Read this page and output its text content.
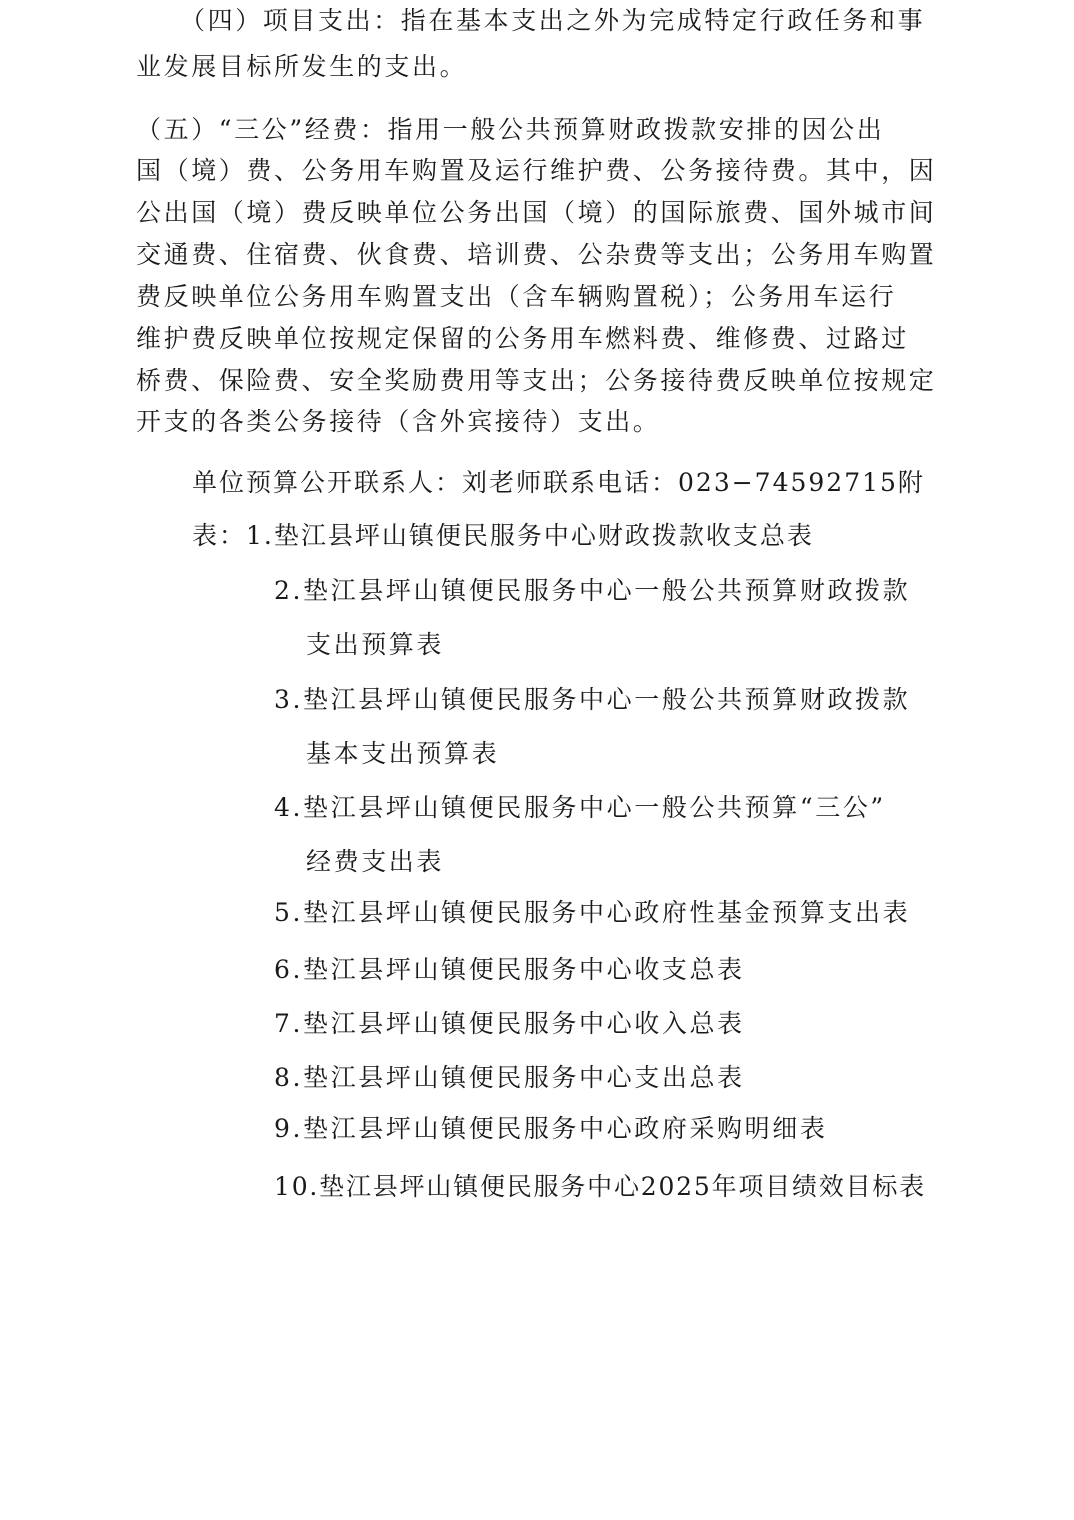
（四）项目支出：指在基本支出之外为完成特定行政任务和事
业发展目标所发生的支出。
（五）“三公”经费：指用一般公共预算财政拨款安排的因公出
国（境）费、公务用车购置及运行维护费、公务接待费。其中，因
公出国（境）费反映单位公务出国（境）的国际旅费、国外城市间
交通费、住宿费、伙食费、培训费、公杂费等支出；公务用车购置
费反映单位公务用车购置支出（含车辆购置税）；公务用车运行
维护费反映单位按规定保留的公务用车燃料费、维修费、过路过
桥费、保险费、安全奖励费用等支出；公务接待费反映单位按规定
开支的各类公务接待（含外宾接待）支出。
单位预算公开联系人：刘老师联系电话：023−74592715附
表：1.垫江县坪山镇便民服务中心财政拨款收支总表
2.垫江县坪山镇便民服务中心一般公共预算财政拨款
支出预算表
3.垫江县坪山镇便民服务中心一般公共预算财政拨款
基本支出预算表
4.垫江县坪山镇便民服务中心一般公共预算“三公”
经费支出表
5.垫江县坪山镇便民服务中心政府性基金预算支出表
6.垫江县坪山镇便民服务中心收支总表
7.垫江县坪山镇便民服务中心收入总表
8.垫江县坪山镇便民服务中心支出总表
9.垫江县坪山镇便民服务中心政府采购明细表
10.垫江县坪山镇便民服务中心2025年项目绩效目标表
